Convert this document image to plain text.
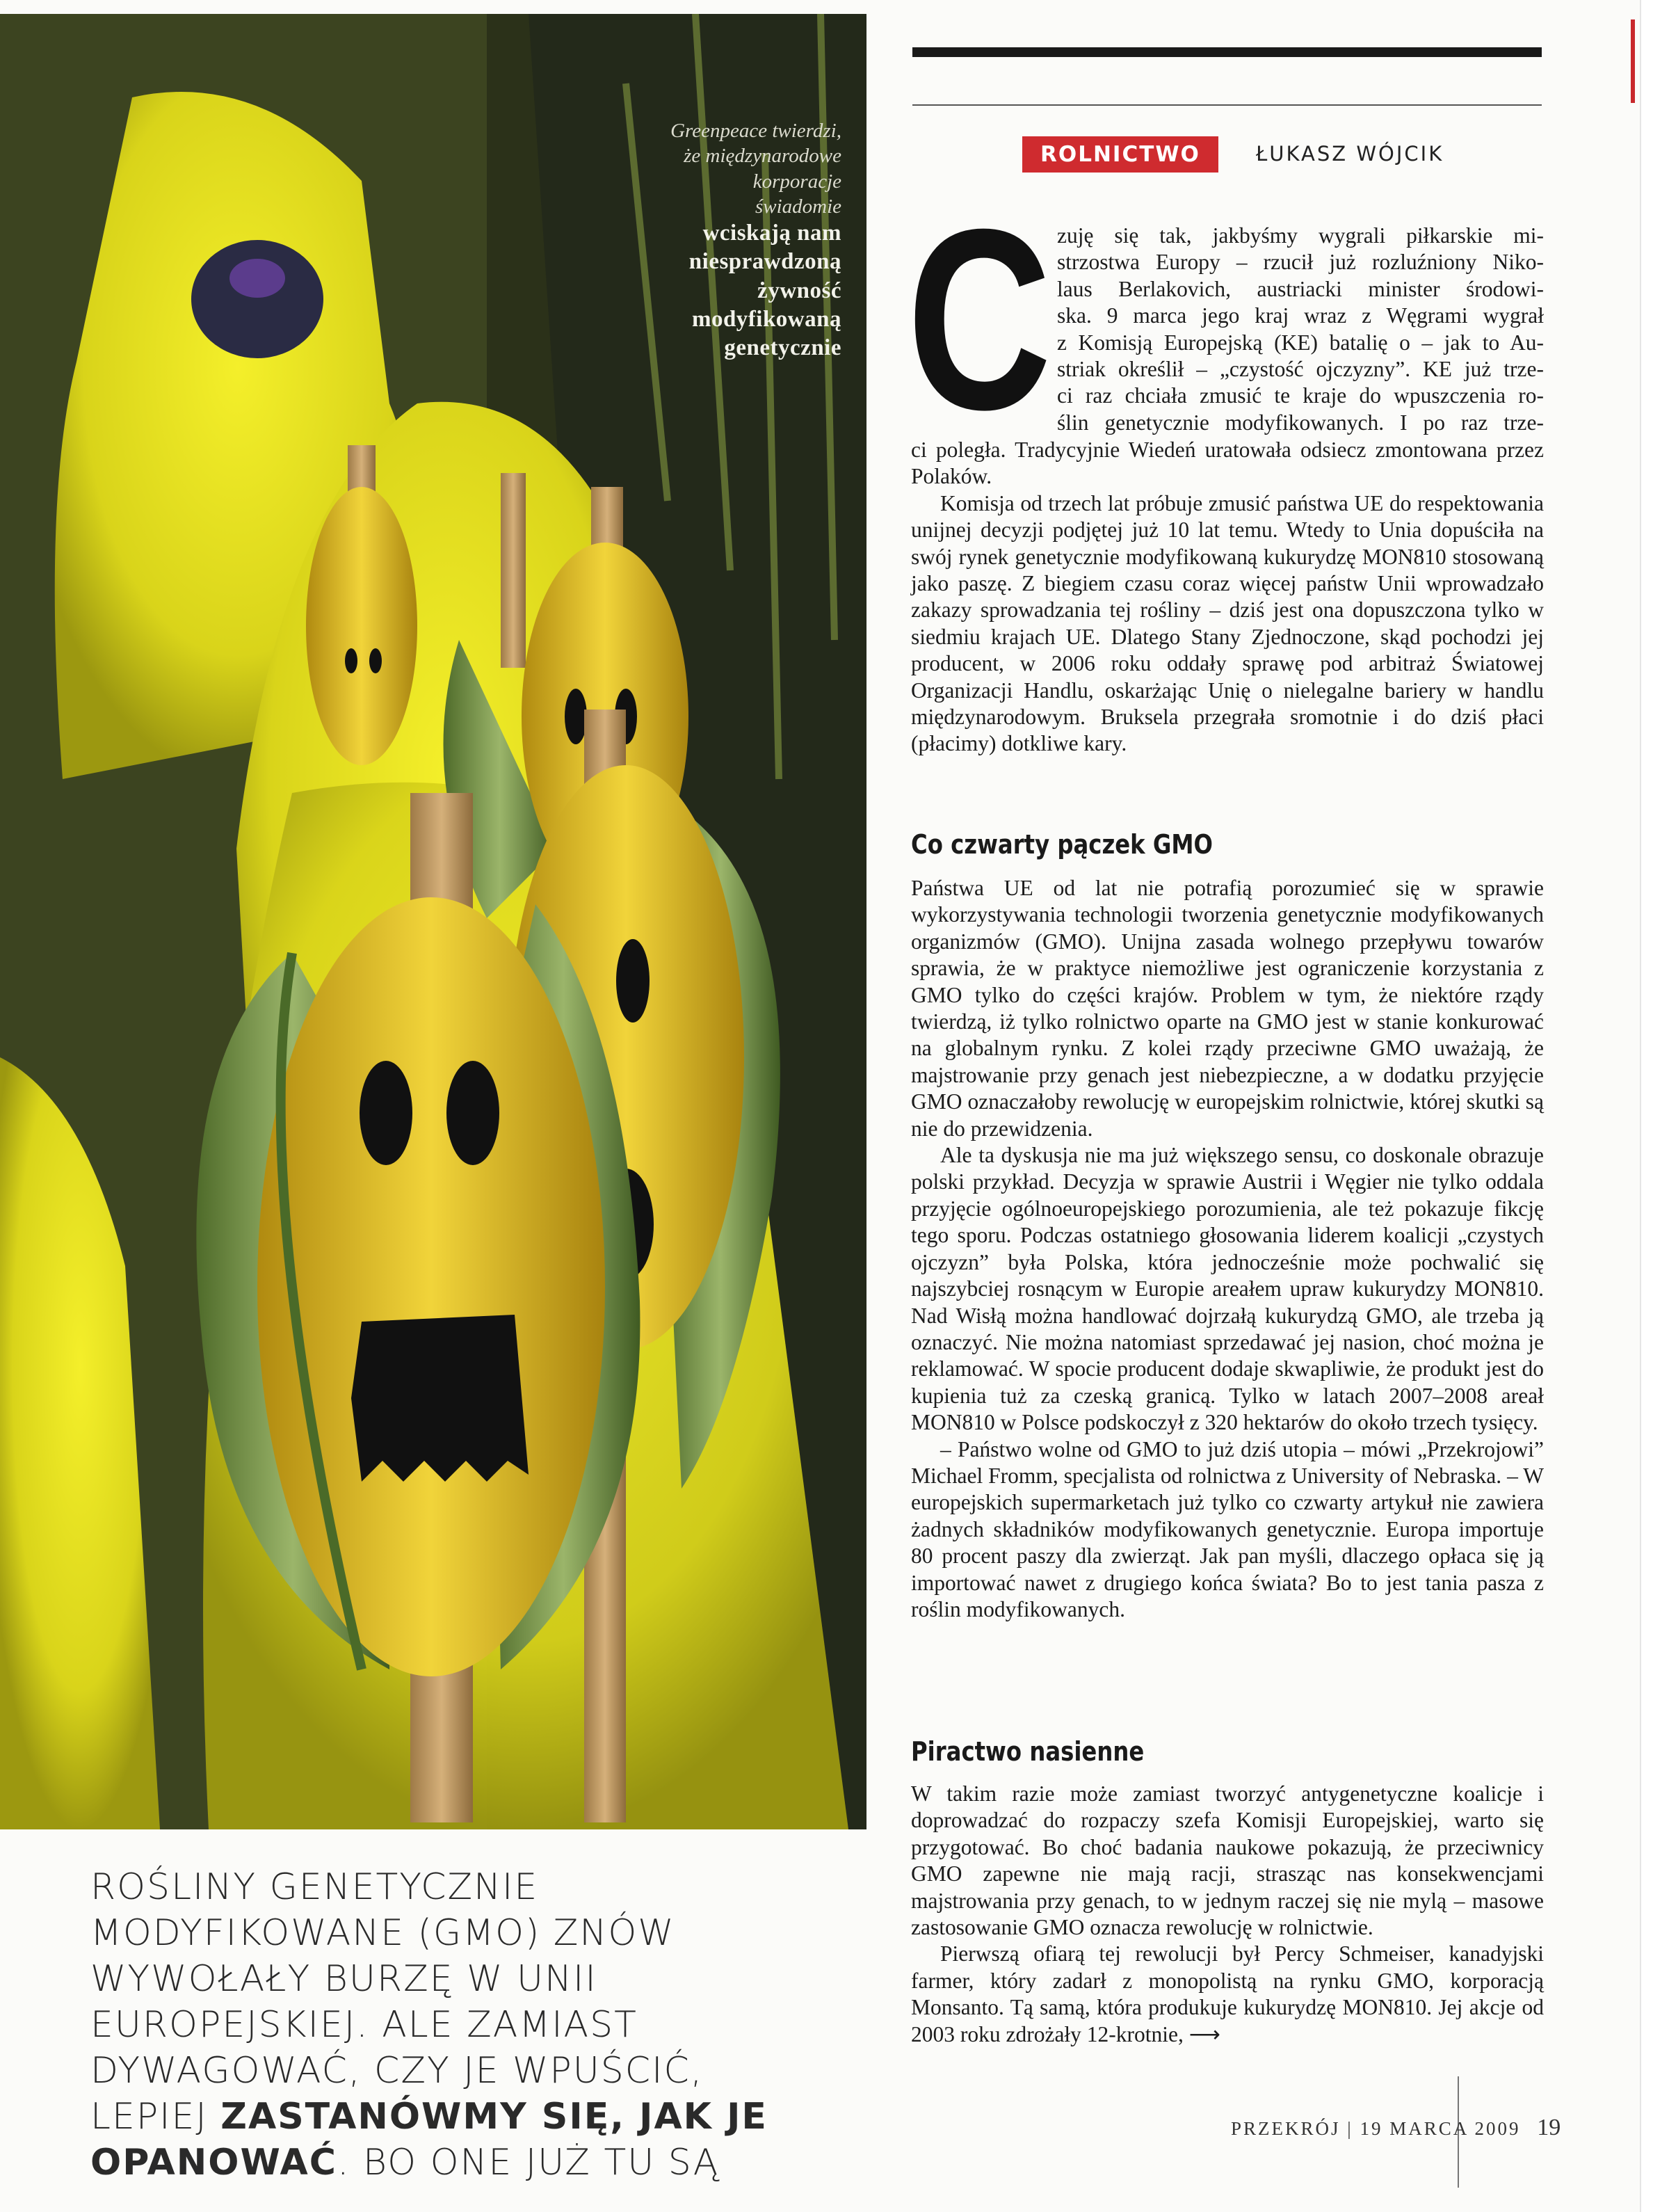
Greenpeace twierdzi,
że międzynarodowe
korporacje
świadomie
wciskają nam
niesprawdzoną
żywność
modyfikowaną
genetycznie
ROŚLINY GENETYCZNIE MODYFIKOWANE (GMO) ZNÓW WYWOŁAŁY BURZĘ W UNII EUROPEJSKIEJ. ALE ZAMIAST DYWAGOWAĆ, CZY JE WPUŚCIĆ, LEPIEJ ZASTANÓWMY SIĘ, JAK JE OPANOWAĆ. BO ONE JUŻ TU SĄ
ROLNICTWO	ŁUKASZ WÓJCIK
C zuję się tak, jakbyśmy wygrali piłkarskie mi-
strzostwa Europy – rzucił już rozluźniony Niko-
laus Berlakovich, austriacki minister środowi-
ska. 9 marca jego kraj wraz z Węgrami wygrał
z Komisją Europejską (KE) batalię o – jak to Au-
striak określił – „czystość ojczyzny”. KE już trze-
ci raz chciała zmusić te kraje do wpuszczenia ro-
ślin genetycznie modyfikowanych. I po raz trze-

ci poległa. Tradycyjnie Wiedeń uratowała odsiecz zmontowana przez Polaków.

Komisja od trzech lat próbuje zmusić państwa UE do respektowania unijnej decyzji podjętej już 10 lat temu. Wtedy to Unia dopuściła na swój rynek genetycznie modyfikowaną kukurydzę MON810 stosowaną jako paszę. Z biegiem czasu coraz więcej państw Unii wprowadzało zakazy sprowadzania tej rośliny – dziś jest ona dopuszczona tylko w siedmiu krajach UE. Dlatego Stany Zjednoczone, skąd pochodzi jej producent, w 2006 roku oddały sprawę pod arbitraż Światowej Organizacji Handlu, oskarżając Unię o nielegalne bariery w handlu międzynarodowym. Bruksela przegrała sromotnie i do dziś płaci (płacimy) dotkliwe kary.

Co czwarty pączek GMO

Państwa UE od lat nie potrafią porozumieć się w sprawie wykorzystywania technologii tworzenia genetycznie modyfikowanych organizmów (GMO). Unijna zasada wolnego przepływu towarów sprawia, że w praktyce niemożliwe jest ograniczenie korzystania z GMO tylko do części krajów. Problem w tym, że niektóre rządy twierdzą, iż tylko rolnictwo oparte na GMO jest w stanie konkurować na globalnym rynku. Z kolei rządy przeciwne GMO uważają, że majstrowanie przy genach jest niebezpieczne, a w dodatku przyjęcie GMO oznaczałoby rewolucję w europejskim rolnictwie, której skutki są nie do przewidzenia.

Ale ta dyskusja nie ma już większego sensu, co doskonale obrazuje polski przykład. Decyzja w sprawie Austrii i Węgier nie tylko oddala przyjęcie ogólnoeuropejskiego porozumienia, ale też pokazuje fikcję tego sporu. Podczas ostatniego głosowania liderem koalicji „czystych ojczyzn” była Polska, która jednocześnie może pochwalić się najszybciej rosnącym w Europie areałem upraw kukurydzy MON810. Nad Wisłą można handlować dojrzałą kukurydzą GMO, ale trzeba ją oznaczyć. Nie można natomiast sprzedawać jej nasion, choć można je reklamować. W spocie producent dodaje skwapliwie, że produkt jest do kupienia tuż za czeską granicą. Tylko w latach 2007–2008 areał MON810 w Polsce podskoczył z 320 hektarów do około trzech tysięcy.

– Państwo wolne od GMO to już dziś utopia – mówi „Przekrojowi” Michael Fromm, specjalista od rolnictwa z University of Nebraska. – W europejskich supermarketach już tylko co czwarty artykuł nie zawiera żadnych składników modyfikowanych genetycznie. Europa importuje 80 procent paszy dla zwierząt. Jak pan myśli, dlaczego opłaca się ją importować nawet z drugiego końca świata? Bo to jest tania pasza z roślin modyfikowanych.

Piractwo nasienne

W takim razie może zamiast tworzyć antygenetyczne koalicje i doprowadzać do rozpaczy szefa Komisji Europejskiej, warto się przygotować. Bo choć badania naukowe pokazują, że przeciwnicy GMO zapewne nie mają racji, strasząc nas konsekwencjami majstrowania przy genach, to w jednym raczej się nie mylą – masowe zastosowanie GMO oznacza rewolucję w rolnictwie.

Pierwszą ofiarą tej rewolucji był Percy Schmeiser, kanadyjski farmer, który zadarł z monopolistą na rynku GMO, korporacją Monsanto. Tą samą, która produkuje kukurydzę MON810. Jej akcje od 2003 roku zdrożały 12-krotnie, ⟶

PRZEKRÓJ | 19 MARCA 2009 19
